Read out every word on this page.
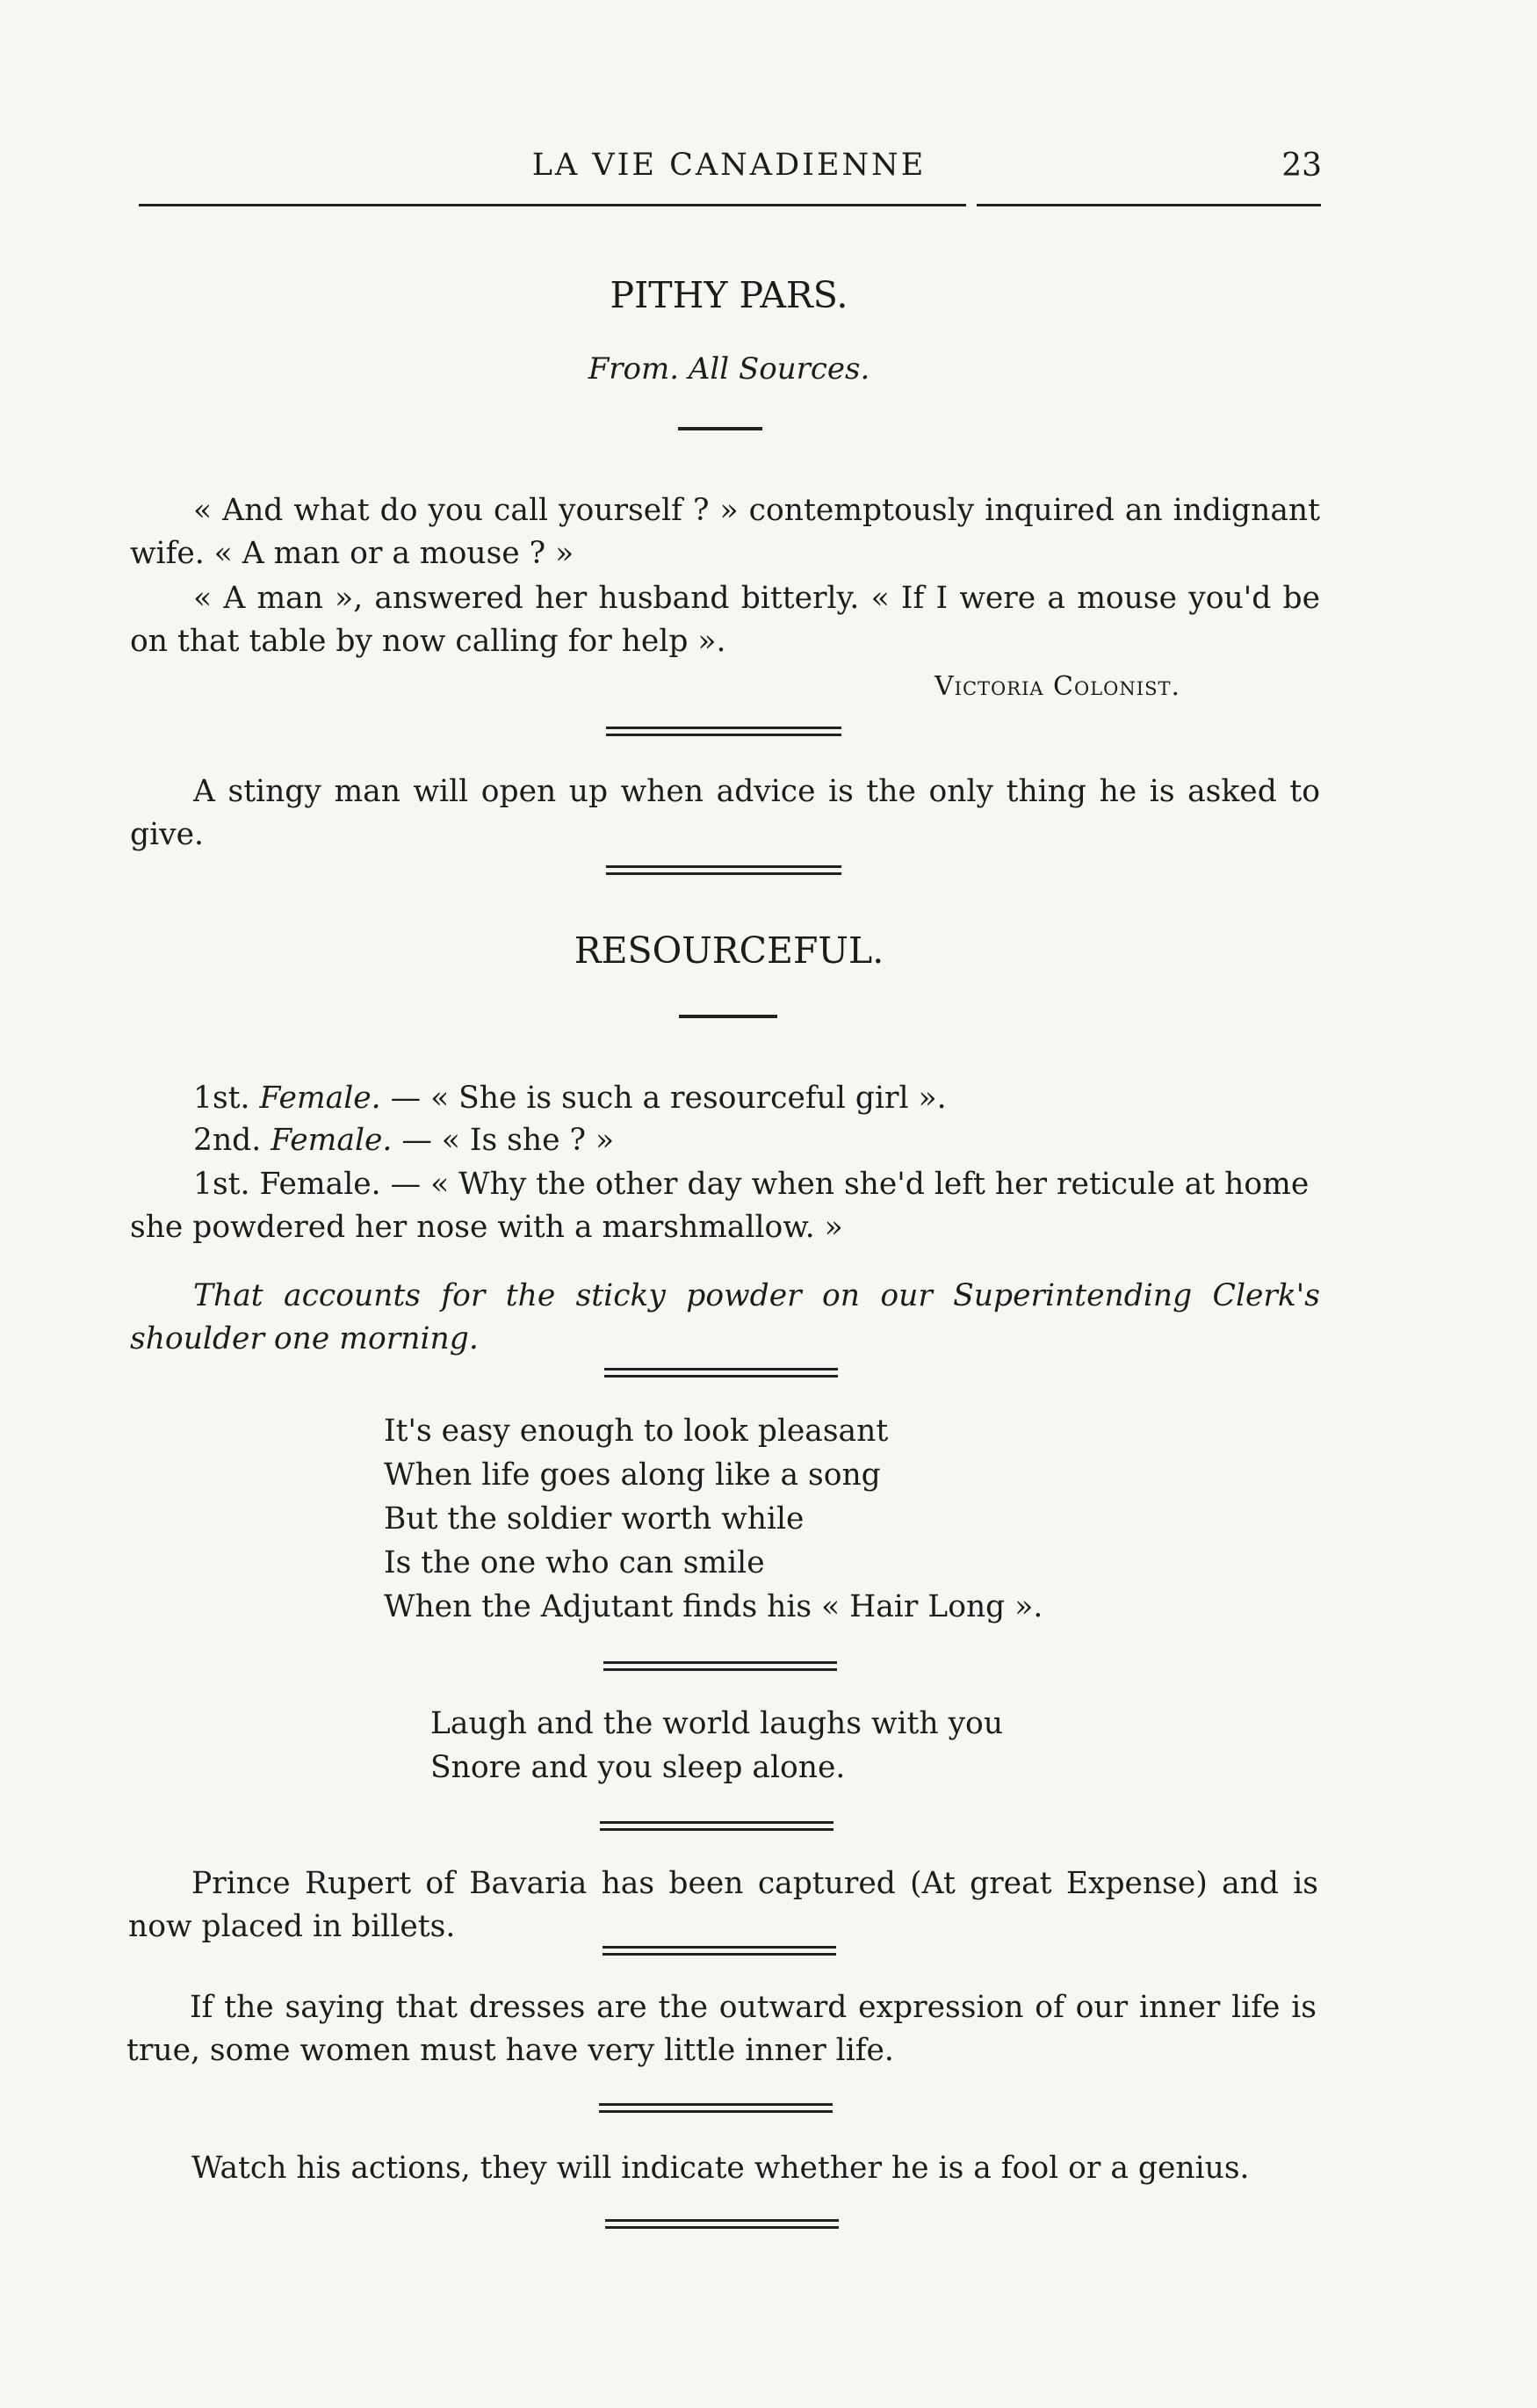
LA VIE CANADIENNE	23
PITHY PARS.
From. All Sources.
« And what do you call yourself ? » contemptously inquired an indignant wife. « A man or a mouse ? »
« A man », answered her husband bitterly. « If I were a mouse you'd be on that table by now calling for help ».
Victoria Colonist.
A stingy man will open up when advice is the only thing he is asked to give.
RESOURCEFUL.
1st. Female. — « She is such a resourceful girl ».
2nd. Female. — « Is she ? »
1st. Female. — « Why the other day when she'd left her reticule at home
she powdered her nose with a marshmallow. »
That accounts for the sticky powder on our Superintending Clerk's shoulder one morning.
It's easy enough to look pleasant
When life goes along like a song
But the soldier worth while
Is the one who can smile
When the Adjutant finds his « Hair Long ».
Laugh and the world laughs with you
Snore and you sleep alone.
Prince Rupert of Bavaria has been captured (At great Expense) and is now placed in billets.
If the saying that dresses are the outward expression of our inner life is true, some women must have very little inner life.
Watch his actions, they will indicate whether he is a fool or a genius.
